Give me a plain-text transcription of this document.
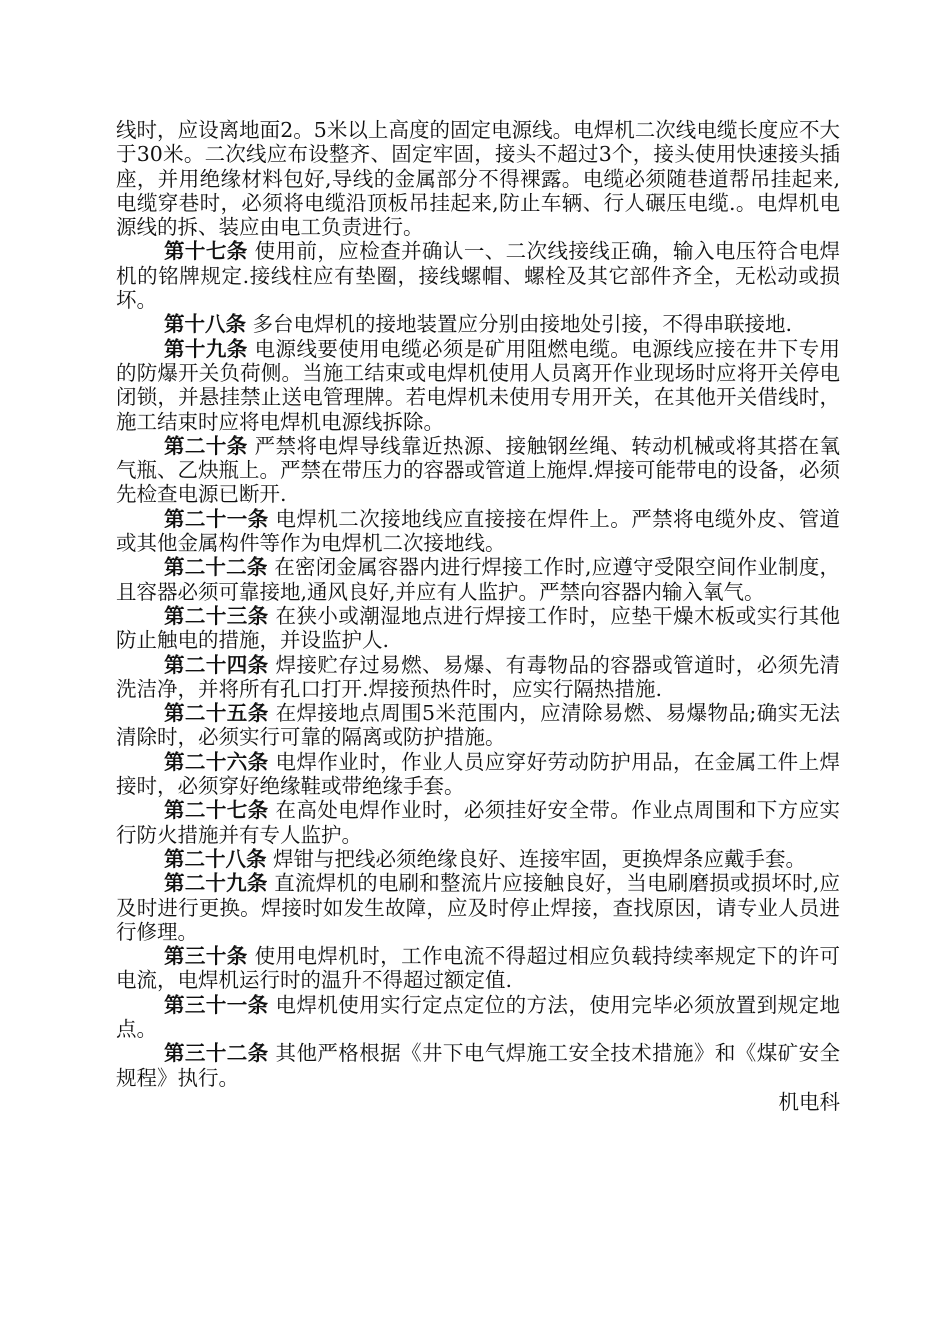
线时，应设离地面2。5米以上高度的固定电源线。电焊机二次线电缆长度应不大于30米。二次线应布设整齐、固定牢固，接头不超过3个，接头使用快速接头插座，并用绝缘材料包好,导线的金属部分不得裸露。电缆必须随巷道帮吊挂起来,电缆穿巷时，必须将电缆沿顶板吊挂起来,防止车辆、行人碾压电缆.。电焊机电源线的拆、装应由电工负责进行。

第十七条 使用前，应检查并确认一、二次线接线正确，输入电压符合电焊机的铭牌规定.接线柱应有垫圈，接线螺帽、螺栓及其它部件齐全，无松动或损坏。

第十八条 多台电焊机的接地装置应分别由接地处引接，不得串联接地.

第十九条 电源线要使用电缆必须是矿用阻燃电缆。电源线应接在井下专用的防爆开关负荷侧。当施工结束或电焊机使用人员离开作业现场时应将开关停电闭锁，并悬挂禁止送电管理牌。若电焊机未使用专用开关，在其他开关借线时，施工结束时应将电焊机电源线拆除。

第二十条 严禁将电焊导线靠近热源、接触钢丝绳、转动机械或将其搭在氧气瓶、乙炔瓶上。严禁在带压力的容器或管道上施焊.焊接可能带电的设备，必须先检查电源已断开.

第二十一条 电焊机二次接地线应直接接在焊件上。严禁将电缆外皮、管道或其他金属构件等作为电焊机二次接地线。

第二十二条 在密闭金属容器内进行焊接工作时,应遵守受限空间作业制度，且容器必须可靠接地,通风良好,并应有人监护。严禁向容器内输入氧气。

第二十三条 在狭小或潮湿地点进行焊接工作时，应垫干燥木板或实行其他防止触电的措施，并设监护人.

第二十四条 焊接贮存过易燃、易爆、有毒物品的容器或管道时，必须先清洗洁净，并将所有孔口打开.焊接预热件时，应实行隔热措施.

第二十五条 在焊接地点周围5米范围内，应清除易燃、易爆物品;确实无法清除时，必须实行可靠的隔离或防护措施。

第二十六条 电焊作业时，作业人员应穿好劳动防护用品，在金属工件上焊接时，必须穿好绝缘鞋或带绝缘手套。

第二十七条 在高处电焊作业时，必须挂好安全带。作业点周围和下方应实行防火措施并有专人监护。

第二十八条 焊钳与把线必须绝缘良好、连接牢固，更换焊条应戴手套。

第二十九条 直流焊机的电刷和整流片应接触良好，当电刷磨损或损坏时,应及时进行更换。焊接时如发生故障，应及时停止焊接，查找原因，请专业人员进行修理。

第三十条 使用电焊机时，工作电流不得超过相应负载持续率规定下的许可电流，电焊机运行时的温升不得超过额定值.

第三十一条 电焊机使用实行定点定位的方法，使用完毕必须放置到规定地点。

第三十二条 其他严格根据《井下电气焊施工安全技术措施》和《煤矿安全规程》执行。

机电科
